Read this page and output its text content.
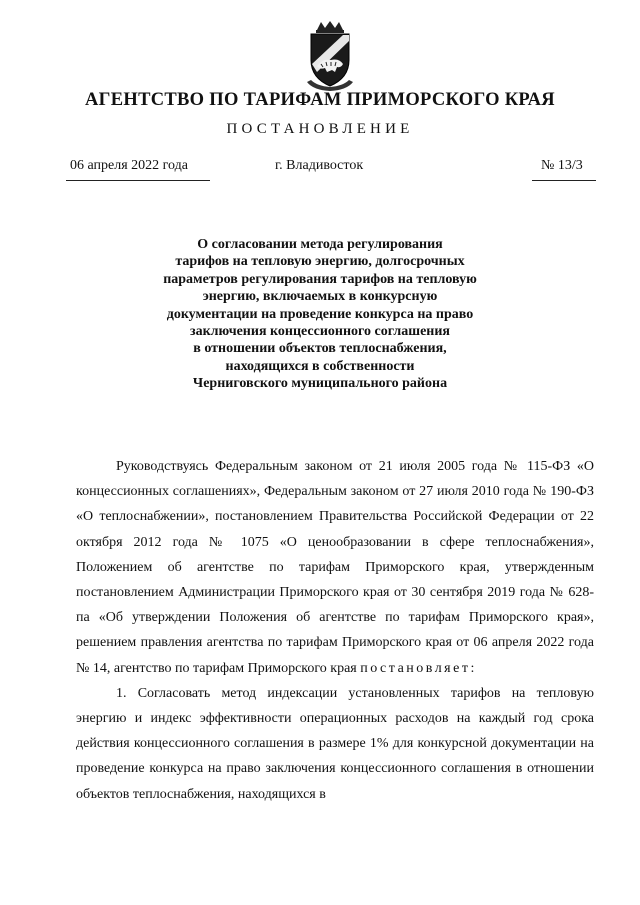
АГЕНТСТВО ПО ТАРИФАМ ПРИМОРСКОГО КРАЯ
ПОСТАНОВЛЕНИЕ
06 апреля 2022 года	г. Владивосток	№ 13/3
О согласовании метода регулирования
тарифов на тепловую энергию, долгосрочных
параметров регулирования тарифов на тепловую
энергию, включаемых в конкурсную
документации на проведение конкурса на право
заключения концессионного соглашения
в отношении объектов теплоснабжения,
находящихся в собственности
Черниговского муниципального района

Руководствуясь Федеральным законом от 21 июля 2005 года № 115-ФЗ «О концессионных соглашениях», Федеральным законом от 27 июля 2010 года № 190-ФЗ «О теплоснабжении», постановлением Правительства Российской Федерации от 22 октября 2012 года № 1075 «О ценообразовании в сфере теплоснабжения», Положением об агентстве по тарифам Приморского края, утвержденным постановлением Администрации Приморского края от 30 сентября 2019 года № 628-па «Об утверждении Положения об агентстве по тарифам Приморского края», решением правления агентства по тарифам Приморского края от 06 апреля 2022 года № 14, агентство по тарифам Приморского края постановляет:

1. Согласовать метод индексации установленных тарифов на тепловую энергию и индекс эффективности операционных расходов на каждый год срока действия концессионного соглашения в размере 1% для конкурсной документации на проведение конкурса на право заключения концессионного соглашения в отношении объектов теплоснабжения, находящихся в
